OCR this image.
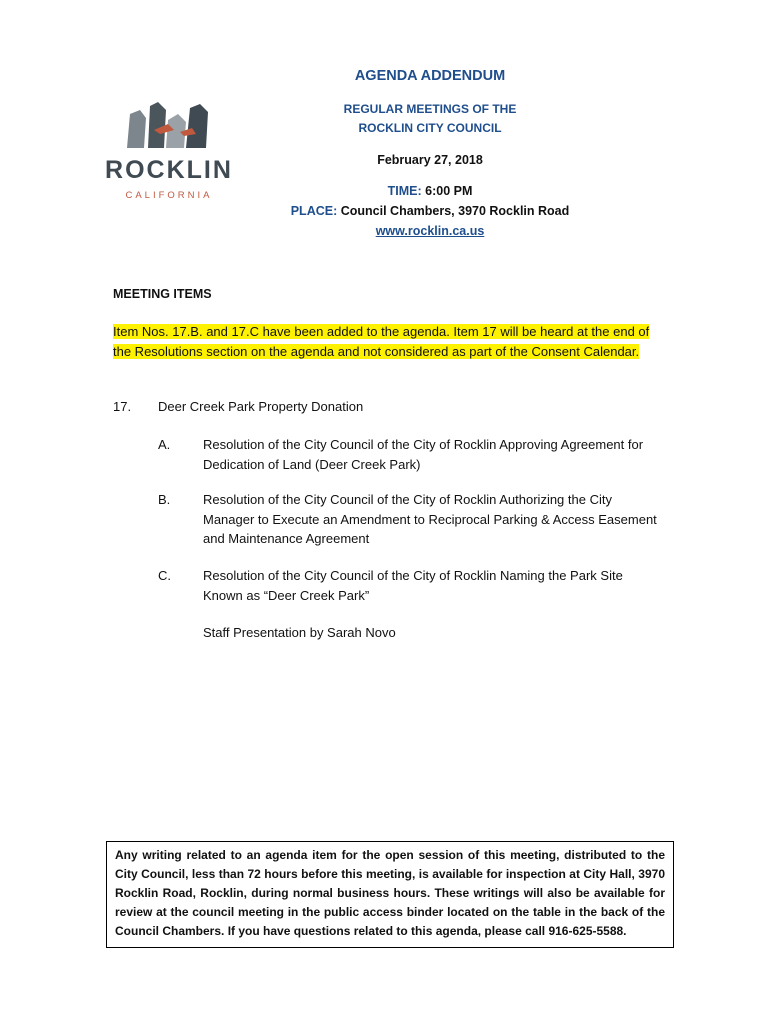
ROCKLIN
CALIFORNIA
AGENDA ADDENDUM
REGULAR MEETINGS OF THE
ROCKLIN CITY COUNCIL
February 27, 2018
TIME: 6:00 PM
PLACE: Council Chambers, 3970 Rocklin Road
www.rocklin.ca.us
MEETING ITEMS
Item Nos. 17.B. and 17.C have been added to the agenda. Item 17 will be heard at the end of the Resolutions section on the agenda and not considered as part of the Consent Calendar.
17. Deer Creek Park Property Donation
A.	Resolution of the City Council of the City of Rocklin Approving Agreement for Dedication of Land (Deer Creek Park)
B.	Resolution of the City Council of the City of Rocklin Authorizing the City Manager to Execute an Amendment to Reciprocal Parking & Access Easement and Maintenance Agreement
C. Resolution of the City Council of the City of Rocklin Naming the Park Site Known as “Deer Creek Park”
Staff Presentation by Sarah Novo
Any writing related to an agenda item for the open session of this meeting, distributed to the City Council, less than 72 hours before this meeting, is available for inspection at City Hall, 3970 Rocklin Road, Rocklin, during normal business hours. These writings will also be available for review at the council meeting in the public access binder located on the table in the back of the Council Chambers. If you have questions related to this agenda, please call 916-625-5588.
